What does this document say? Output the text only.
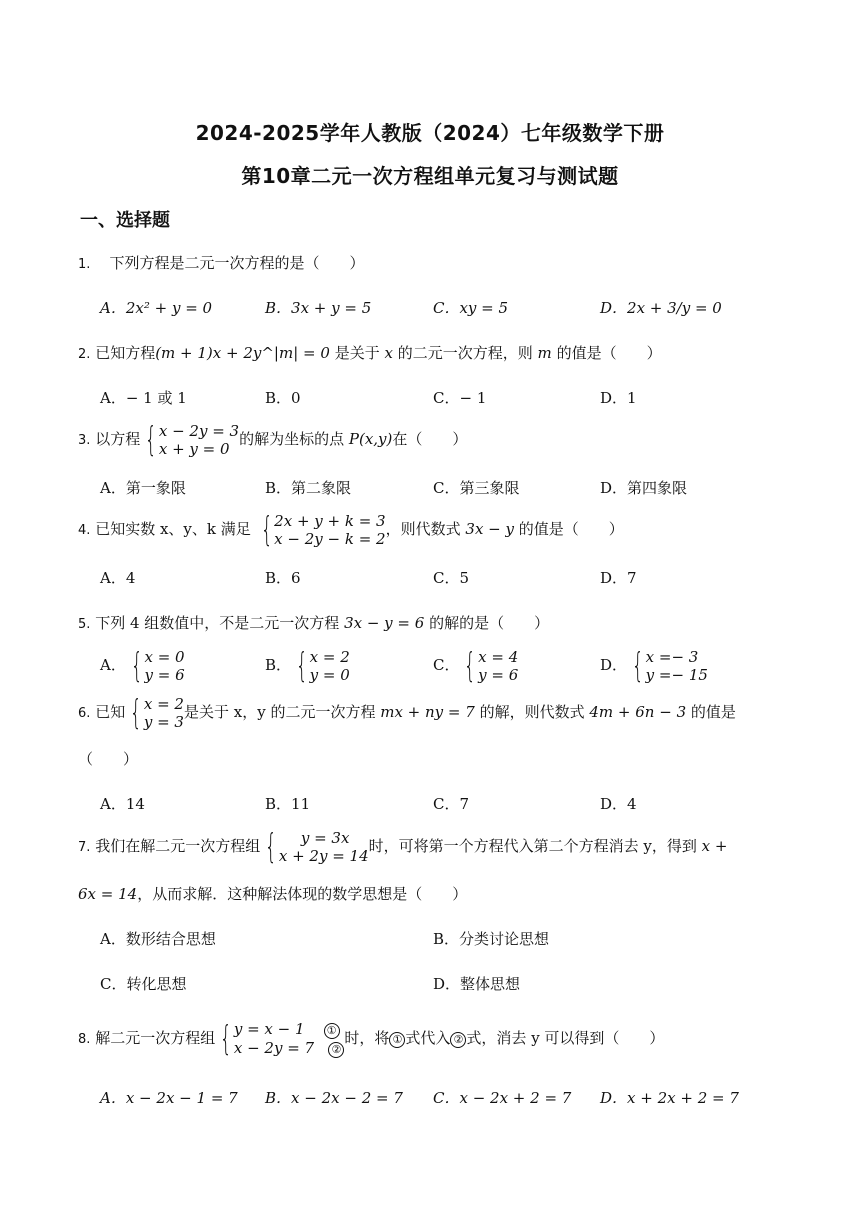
2024-2025学年人教版（2024）七年级数学下册
第10章二元一次方程组单元复习与测试题
一、选择题
1. 下列方程是二元一次方程的是（　　）
A．2x² + y = 0	B．3x + y = 5	C．xy = 5	D．2x + 3/y = 0
2. 已知方程(m + 1)x + 2y^|m| = 0 是关于 x 的二元一次方程，则 m 的值是（　　）
A．− 1 或 1	B．0	C．− 1	D．1
3. 以方程 { x − 2y = 3
x + y = 0
的解为坐标的点 P(x,y)在（　　）
A．第一象限	B．第二象限	C．第三象限	D．第四象限
4. 已知实数 x、y、k 满足 { 2x + y + k = 3
x − 2y − k = 2
，则代数式 3x − y 的值是（　　）
A．4	B．6	C．5	D．7
5. 下列 4 组数值中，不是二元一次方程 3x − y = 6 的解的是（　　）
A． { x = 0
y = 6
B． { x = 2
y = 0
C． { x = 4
y = 6
D． { x =− 3
y =− 15
6. 已知 { x = 2
y = 3
是关于 x，y 的二元一次方程 mx + ny = 7 的解，则代数式 4m + 6n − 3 的值是
（　　）
A．14	B．11	C．7	D．4
7. 我们在解二元一次方程组 {	y = 3x
x + 2y = 14
时，可将第一个方程代入第二个方程消去 y，得到 x +
6x = 14，从而求解．这种解法体现的数学思想是（　　）
A．数形结合思想	B．分类讨论思想
C．转化思想	D．整体思想
8. 解二元一次方程组 { y = x − 1 ①
x − 2y = 7 ②
时，将 ① 式代入 ② 式，消去 y 可以得到（　　）
A．x − 2x − 1 = 7 B．x − 2x − 2 = 7 C．x − 2x + 2 = 7 D．x + 2x + 2 = 7
